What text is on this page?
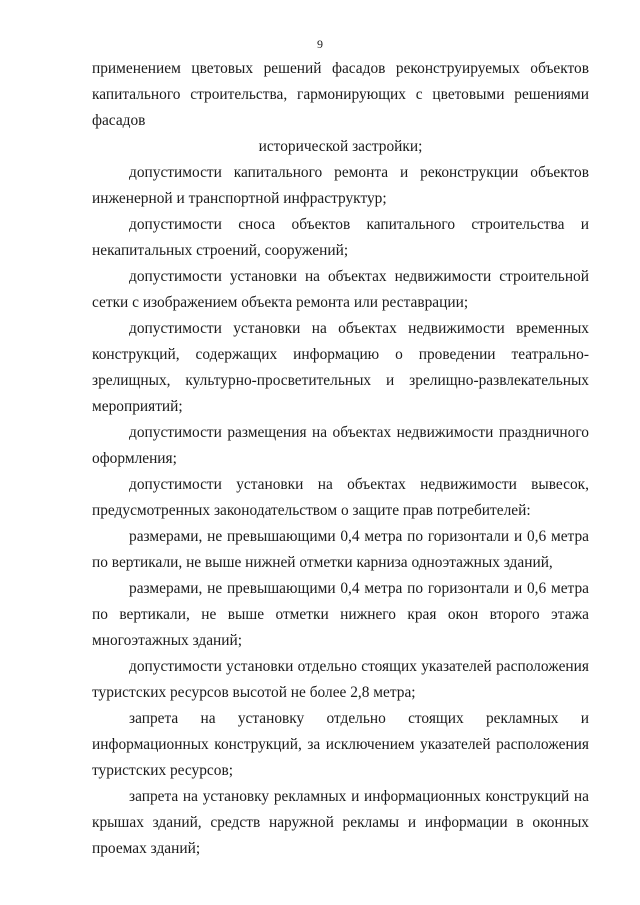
9

применением цветовых решений фасадов реконструируемых объектов капитального строительства, гармонирующих с цветовыми решениями фасадов

исторической застройки;

допустимости капитального ремонта и реконструкции объектов инженерной и транспортной инфраструктур;

допустимости сноса объектов капитального строительства и некапитальных строений, сооружений;

допустимости установки на объектах недвижимости строительной сетки с изображением объекта ремонта или реставрации;

допустимости установки на объектах недвижимости временных конструкций, содержащих информацию о проведении театрально-зрелищных, культурно-просветительных и зрелищно-развлекательных мероприятий;

допустимости размещения на объектах недвижимости праздничного оформления;

допустимости установки на объектах недвижимости вывесок, предусмотренных законодательством о защите прав потребителей:

размерами, не превышающими 0,4 метра по горизонтали и 0,6 метра по вертикали, не выше нижней отметки карниза одноэтажных зданий,

размерами, не превышающими 0,4 метра по горизонтали и 0,6 метра по вертикали, не выше отметки нижнего края окон второго этажа многоэтажных зданий;

допустимости установки отдельно стоящих указателей расположения туристских ресурсов высотой не более 2,8 метра;

запрета на установку отдельно стоящих рекламных и информационных конструкций, за исключением указателей расположения туристских ресурсов;

запрета на установку рекламных и информационных конструкций на крышах зданий, средств наружной рекламы и информации в оконных проемах зданий;
